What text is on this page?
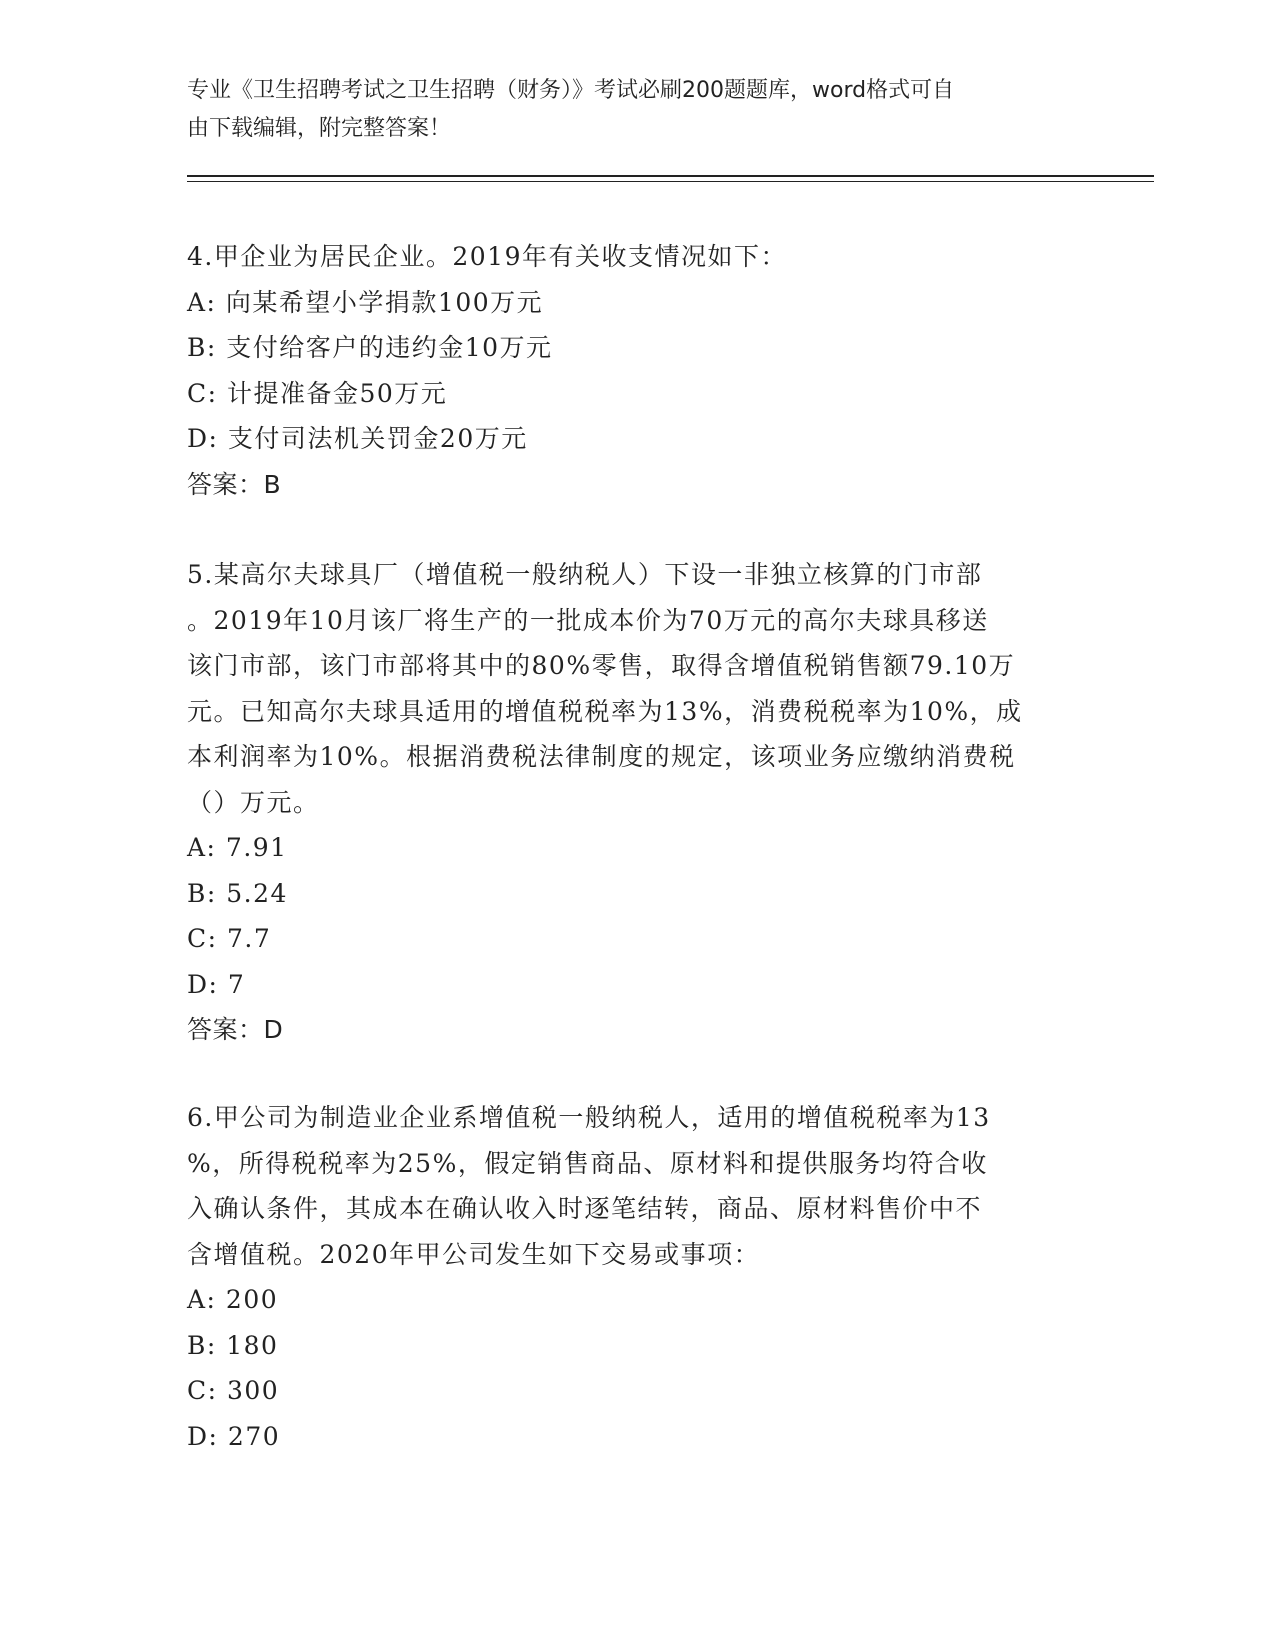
专业《卫生招聘考试之卫生招聘（财务）》考试必刷200题题库，word格式可自
由下载编辑，附完整答案！
4.甲企业为居民企业。2019年有关收支情况如下：
A: 向某希望小学捐款100万元
B: 支付给客户的违约金10万元
C: 计提准备金50万元
D: 支付司法机关罚金20万元
答案：B
5.某高尔夫球具厂（增值税一般纳税人）下设一非独立核算的门市部
。2019年10月该厂将生产的一批成本价为70万元的高尔夫球具移送
该门市部，该门市部将其中的80%零售，取得含增值税销售额79.10万
元。已知高尔夫球具适用的增值税税率为13%，消费税税率为10%，成
本利润率为10%。根据消费税法律制度的规定，该项业务应缴纳消费税
（）万元。
A: 7.91
B: 5.24
C: 7.7
D: 7
答案：D
6.甲公司为制造业企业系增值税一般纳税人，适用的增值税税率为13
%，所得税税率为25%，假定销售商品、原材料和提供服务均符合收
入确认条件，其成本在确认收入时逐笔结转，商品、原材料售价中不
含增值税。2020年甲公司发生如下交易或事项：
A: 200
B: 180
C: 300
D: 270
